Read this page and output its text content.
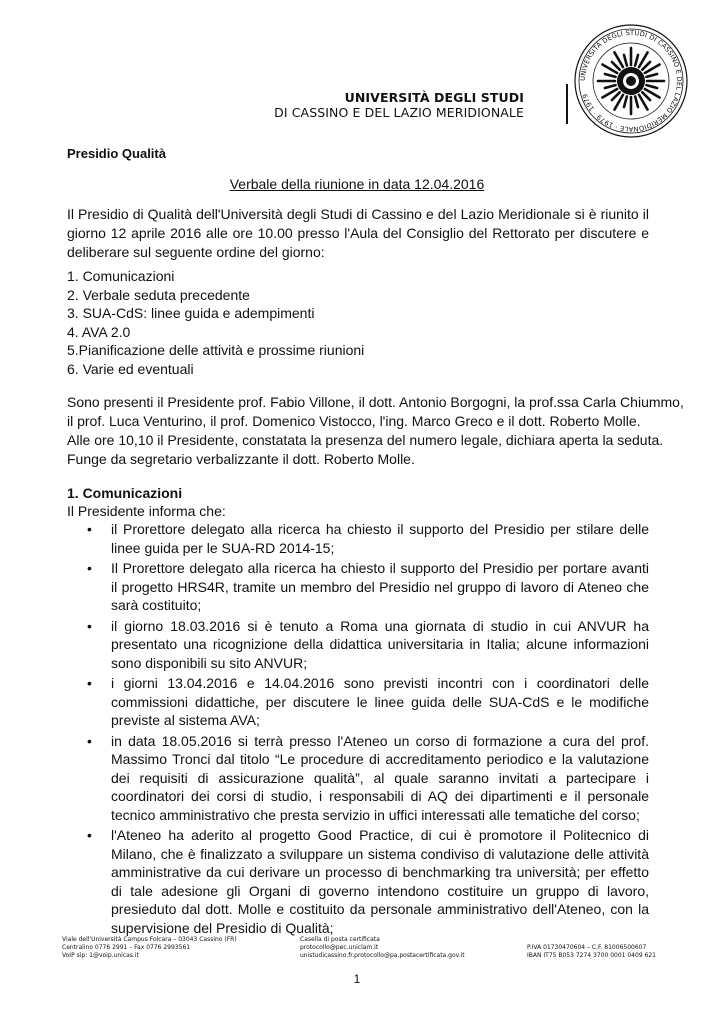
UNIVERSITÀ DEGLI STUDI
DI CASSINO E DEL LAZIO MERIDIONALE
UNIVERSITÀ DEGLI STUDI DI CASSINO E DEL LAZIO MERIDIONALE · 1979 · 1979
Presidio Qualità
Verbale della riunione in data 12.04.2016

Il Presidio di Qualità dell'Università degli Studi di Cassino e del Lazio Meridionale si è riunito il giorno 12 aprile 2016 alle ore 10.00 presso l'Aula del Consiglio del Rettorato per discutere e deliberare sul seguente ordine del giorno:

1. Comunicazioni
2. Verbale seduta precedente
3. SUA-CdS: linee guida e adempimenti
4. AVA 2.0
5.Pianificazione delle attività e prossime riunioni
6. Varie ed eventuali
Sono presenti il Presidente prof. Fabio Villone, il dott. Antonio Borgogni, la prof.ssa Carla Chiummo,
il prof. Luca Venturino, il prof. Domenico Vistocco, l'ing. Marco Greco e il dott. Roberto Molle.
Alle ore 10,10 il Presidente, constatata la presenza del numero legale, dichiara aperta la seduta.
Funge da segretario verbalizzante il dott. Roberto Molle.
1. Comunicazioni
Il Presidente informa che:
• il Prorettore delegato alla ricerca ha chiesto il supporto del Presidio per stilare delle linee guida per le SUA-RD 2014-15;
• Il Prorettore delegato alla ricerca ha chiesto il supporto del Presidio per portare avanti il progetto HRS4R, tramite un membro del Presidio nel gruppo di lavoro di Ateneo che sarà costituito;
• il giorno 18.03.2016 si è tenuto a Roma una giornata di studio in cui ANVUR ha presentato una ricognizione della didattica universitaria in Italia; alcune informazioni sono disponibili su sito ANVUR;
• i giorni 13.04.2016 e 14.04.2016 sono previsti incontri con i coordinatori delle commissioni didattiche, per discutere le linee guida delle SUA-CdS e le modifiche previste al sistema AVA;
• in data 18.05.2016 si terrà presso l'Ateneo un corso di formazione a cura del prof. Massimo Tronci dal titolo “Le procedure di accreditamento periodico e la valutazione dei requisiti di assicurazione qualità”, al quale saranno invitati a partecipare i coordinatori dei corsi di studio, i responsabili di AQ dei dipartimenti e il personale tecnico amministrativo che presta servizio in uffici interessati alle tematiche del corso;
• l'Ateneo ha aderito al progetto Good Practice, di cui è promotore il Politecnico di Milano, che è finalizzato a sviluppare un sistema condiviso di valutazione delle attività amministrative da cui derivare un processo di benchmarking tra università; per effetto di tale adesione gli Organi di governo intendono costituire un gruppo di lavoro, presieduto dal dott. Molle e costituito da personale amministrativo dell'Ateneo, con la supervisione del Presidio di Qualità;
Viale dell'Università Campus Folcara – 03043 Cassino (FR)
Centralino 0776 2991 – Fax 0776 2993561
VoIP sip: 1@voip.unicas.it
Casella di posta certificata
protocollo@pec.uniclam.it
unistudicassino.fr.protocollo@pa.postacertificata.gov.it
P.IVA 01730470604 – C.F. 81006500607
IBAN IT75 B053 7274 3700 0001 0409 621
1
